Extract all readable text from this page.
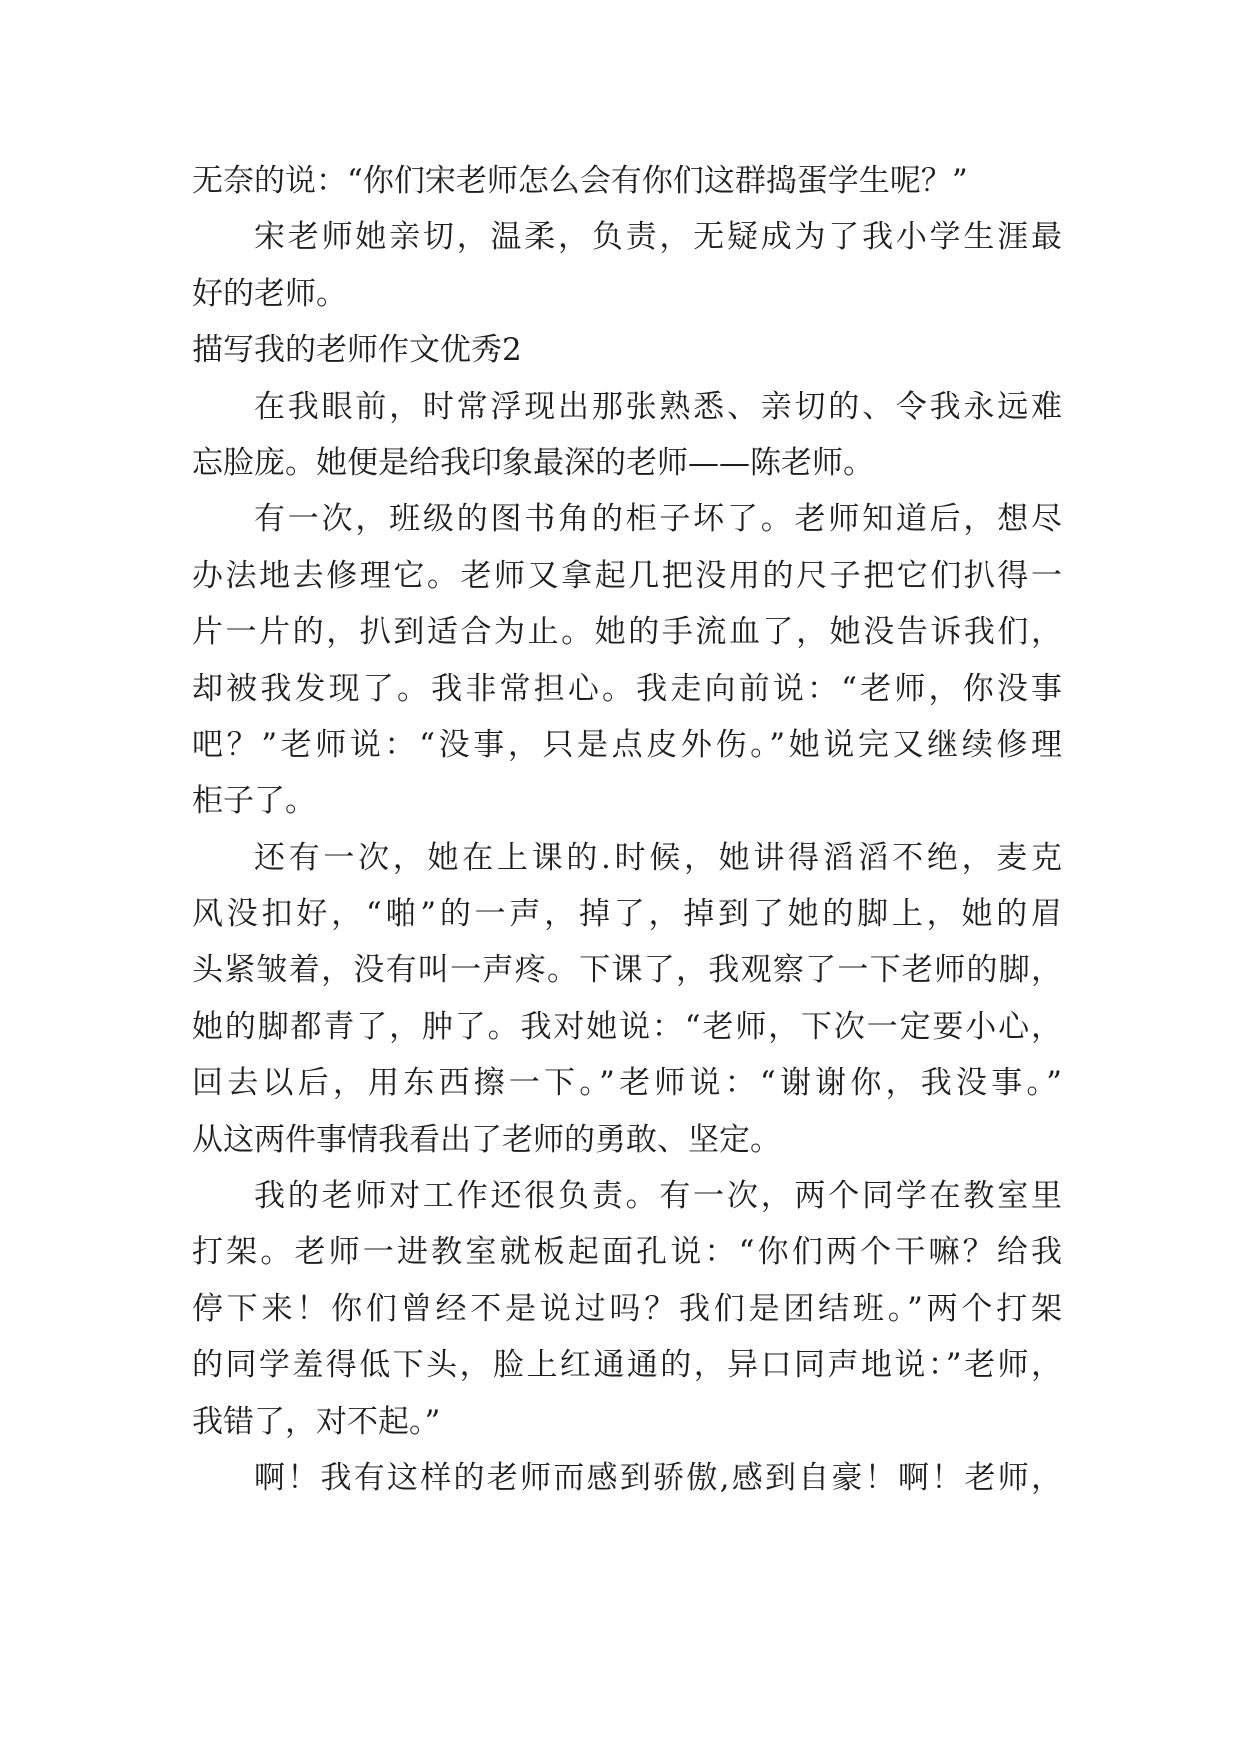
无奈的说：“你们宋老师怎么会有你们这群捣蛋学生呢？”
宋老师她亲切，温柔，负责，无疑成为了我小学生涯最
好的老师。
描写我的老师作文优秀2
在我眼前，时常浮现出那张熟悉、亲切的、令我永远难
忘脸庞。她便是给我印象最深的老师——陈老师。
有一次，班级的图书角的柜子坏了。老师知道后，想尽
办法地去修理它。老师又拿起几把没用的尺子把它们扒得一
片一片的，扒到适合为止。她的手流血了，她没告诉我们，
却被我发现了。我非常担心。我走向前说：“老师，你没事
吧？”老师说：“没事，只是点皮外伤。”她说完又继续修理
柜子了。
还有一次，她在上课的.时候，她讲得滔滔不绝，麦克
风没扣好，“啪”的一声，掉了，掉到了她的脚上，她的眉
头紧皱着，没有叫一声疼。下课了，我观察了一下老师的脚，
她的脚都青了，肿了。我对她说：“老师，下次一定要小心，
回去以后，用东西擦一下。”老师说：“谢谢你，我没事。”
从这两件事情我看出了老师的勇敢、坚定。
我的老师对工作还很负责。有一次，两个同学在教室里
打架。老师一进教室就板起面孔说：“你们两个干嘛？给我
停下来！你们曾经不是说过吗？我们是团结班。”两个打架
的同学羞得低下头，脸上红通通的，异口同声地说：”老师，
我错了，对不起。”
啊！我有这样的老师而感到骄傲,感到自豪！啊！老师，
